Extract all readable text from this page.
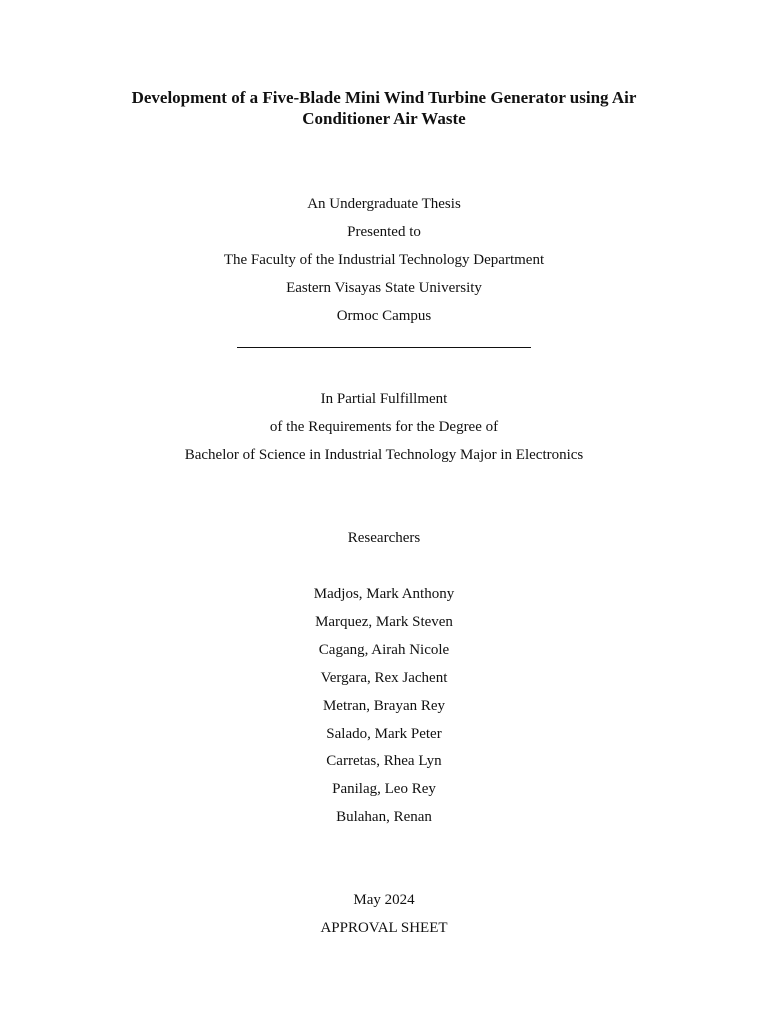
Development of a Five-Blade Mini Wind Turbine Generator using Air Conditioner Air Waste
An Undergraduate Thesis
Presented to
The Faculty of the Industrial Technology Department
Eastern Visayas State University
Ormoc Campus
In Partial Fulfillment
of the Requirements for the Degree of
Bachelor of Science in Industrial Technology Major in Electronics
Researchers
Madjos, Mark Anthony
Marquez, Mark Steven
Cagang, Airah Nicole
Vergara, Rex Jachent
Metran, Brayan Rey
Salado, Mark Peter
Carretas, Rhea Lyn
Panilag, Leo Rey
Bulahan, Renan
May 2024
APPROVAL SHEET
